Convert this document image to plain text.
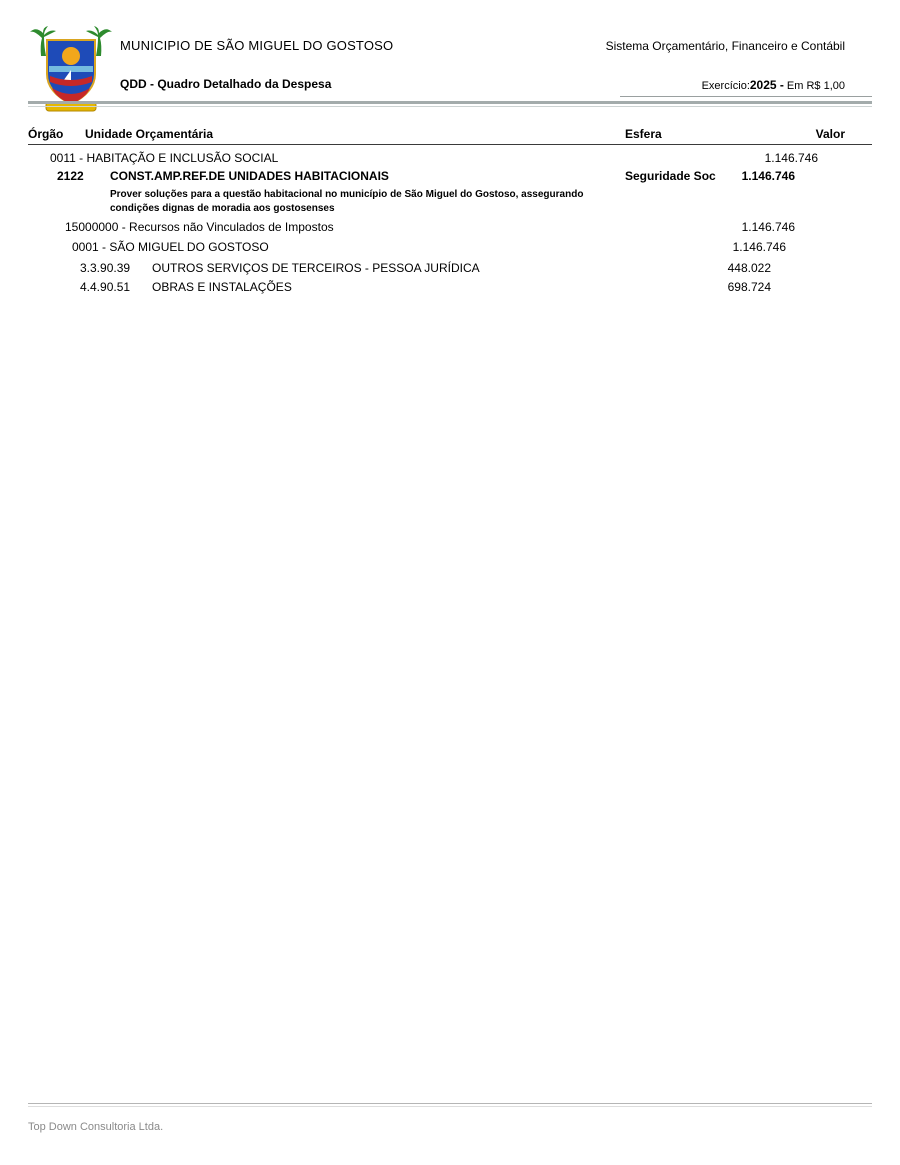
MUNICIPIO DE SÃO MIGUEL DO GOSTOSO	Sistema Orçamentário, Financeiro e Contábil
QDD - Quadro Detalhado da Despesa	Exercício:2025 - Em R$ 1,00
Órgão Unidade Orçamentária	Esfera	Valor
0011 - HABITAÇÃO E INCLUSÃO SOCIAL	1.146.746
2122 CONST.AMP.REF.DE UNIDADES HABITACIONAIS	Seguridade Soc	1.146.746
Prover soluções para a questão habitacional no município de São Miguel do Gostoso, assegurando condições dignas de moradia aos gostosenses
15000000 - Recursos não Vinculados de Impostos	1.146.746
0001 - SÃO MIGUEL DO GOSTOSO	1.146.746
3.3.90.39 OUTROS SERVIÇOS DE TERCEIROS - PESSOA JURÍDICA	448.022
4.4.90.51 OBRAS E INSTALAÇÕES	698.724
Top Down Consultoria Ltda.
